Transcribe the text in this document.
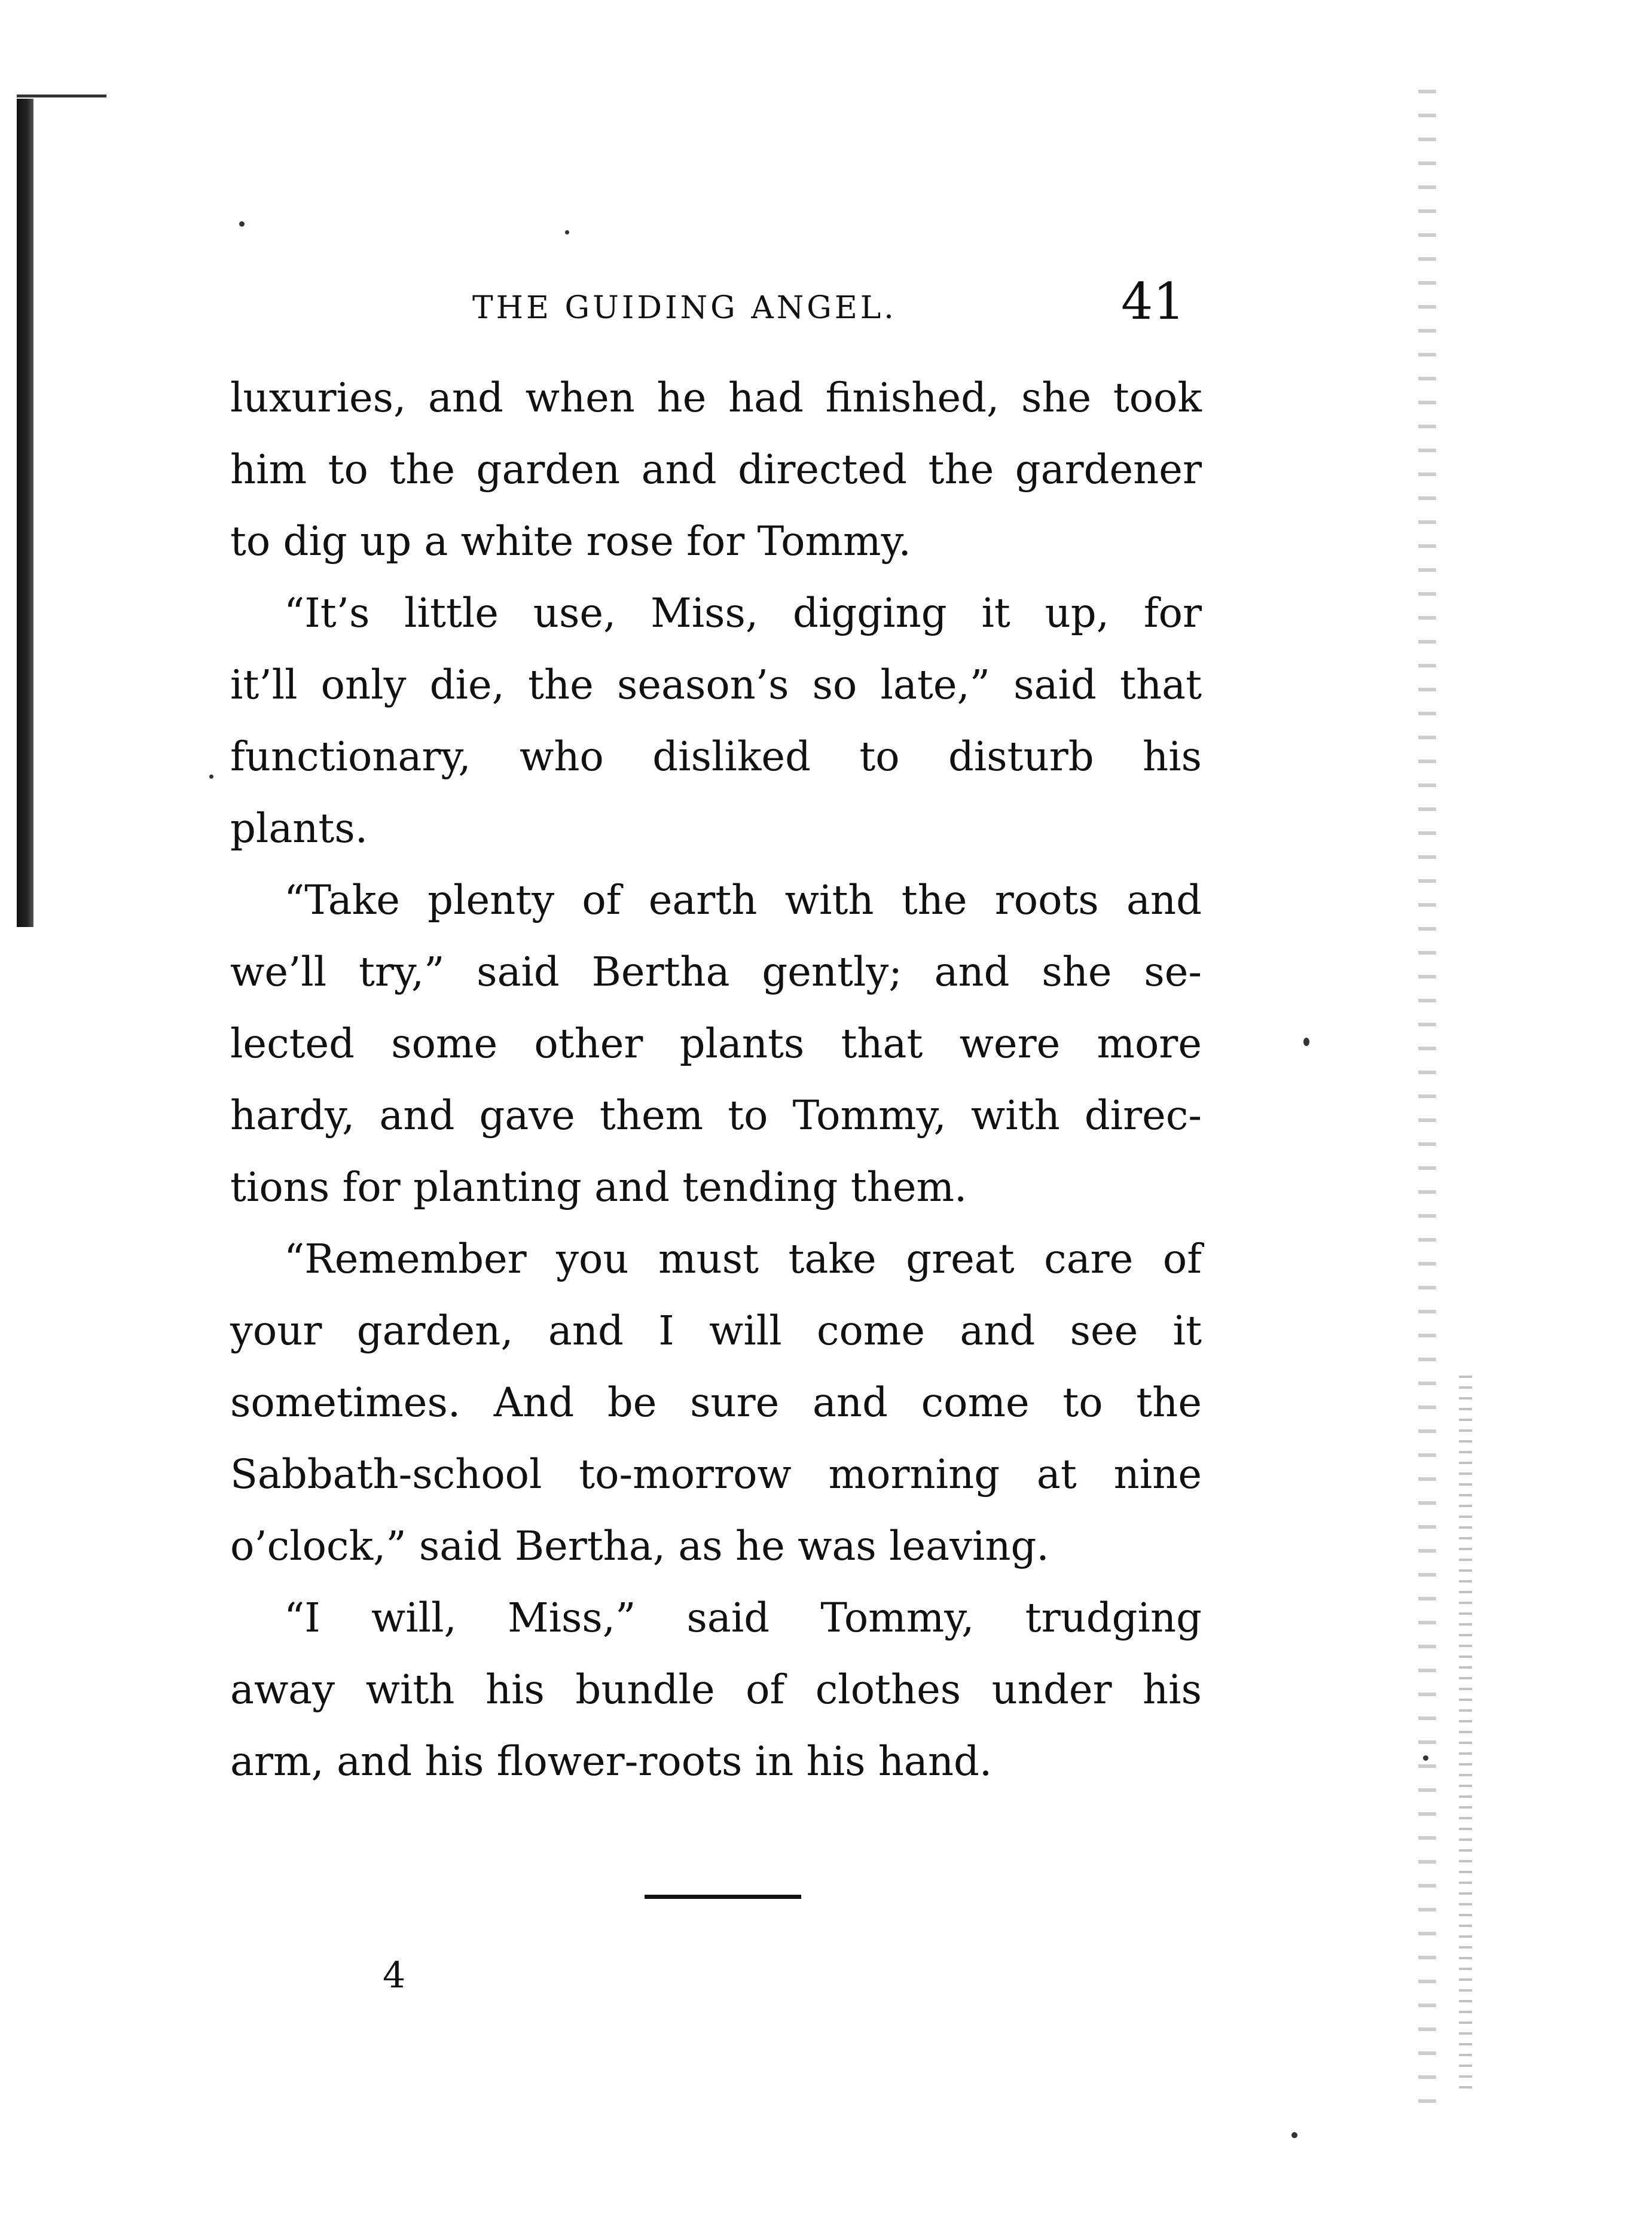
THE GUIDING ANGEL.	41
luxuries, and when he had finished, she took
him to the garden and directed the gardener
to dig up a white rose for Tommy.
“It’s little use, Miss, digging it up, for
it’ll only die, the season’s so late,” said that
functionary, who disliked to disturb his
plants.
“Take plenty of earth with the roots and
we’ll try,” said Bertha gently; and she se-
lected some other plants that were more
hardy, and gave them to Tommy, with direc-
tions for planting and tending them.
“Remember you must take great care of
your garden, and I will come and see it
sometimes. And be sure and come to the
Sabbath-school to-morrow morning at nine
o’clock,” said Bertha, as he was leaving.
“I will, Miss,” said Tommy, trudging
away with his bundle of clothes under his
arm, and his flower-roots in his hand.
4
